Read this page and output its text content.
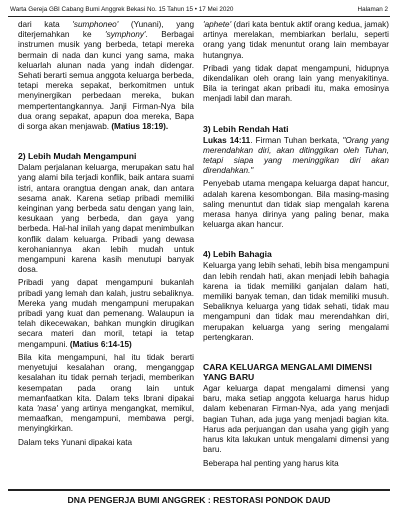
Warta Gereja GBI Cabang Bumi Anggrek Bekasi No. 15 Tahun 15 • 17 Mei 2020	Halaman 2

dari kata 'sumphoneo' (Yunani), yang diterjemahkan ke 'symphony'. Berbagai instrumen musik yang berbeda, tetapi mereka bermain di nada dan kunci yang sama, maka keluarlah alunan nada yang indah didengar. Sehati berarti semua anggota keluarga berbeda, tetapi mereka sepakat, berkomitmen untuk menyinergikan perbedaan mereka, bukan mempertentangkannya. Janji Firman-Nya bila dua orang sepakat, apapun doa mereka, Bapa di sorga akan menjawab. (Matius 18:19).

2) Lebih Mudah Mengampuni

Dalam perjalanan keluarga, merupakan satu hal yang alami bila terjadi konflik, baik antara suami istri, antara orangtua dengan anak, dan antara sesama anak. Karena setiap pribadi memiliki keinginan yang berbeda satu dengan yang lain, kesukaan yang berbeda, dan gaya yang berbeda. Hal-hal inilah yang dapat menimbulkan konflik dalam keluarga. Pribadi yang dewasa kerohaniannya akan lebih mudah untuk mengampuni karena kasih menutupi banyak dosa.

Pribadi yang dapat mengampuni bukanlah pribadi yang lemah dan kalah, justru sebaliknya. Mereka yang mudah mengampuni merupakan pribadi yang kuat dan pemenang. Walaupun ia telah dikecewakan, bahkan mungkin dirugikan secara materi dan moril, tetapi ia tetap mengampuni. (Matius 6:14-15)

Bila kita mengampuni, hal itu tidak berarti menyetujui kesalahan orang, menganggap kesalahan itu tidak pernah terjadi, memberikan kesempatan pada orang lain untuk memanfaatkan kita. Dalam teks Ibrani dipakai kata 'nasa' yang artinya mengangkat, memikul, memaafkan, mengampuni, membawa pergi, menyingkirkan.

Dalam teks Yunani dipakai kata

'aphete' (dari kata bentuk aktif orang kedua, jamak) artinya merelakan, membiarkan berlalu, seperti orang yang tidak menuntut orang lain membayar hutangnya.

Pribadi yang tidak dapat mengampuni, hidupnya dikendalikan oleh orang lain yang menyakitinya. Bila ia teringat akan pribadi itu, maka emosinya menjadi labil dan marah.

3) Lebih Rendah Hati

Lukas 14:11. Firman Tuhan berkata, "Orang yang merendahkan diri, akan ditinggikan oleh Tuhan, tetapi siapa yang meninggikan diri akan direndahkan."

Penyebab utama mengapa keluarga dapat hancur, adalah karena kesombongan. Bila masing-masing saling menuntut dan tidak siap mengalah karena merasa hanya dirinya yang paling benar, maka keluarga akan hancur.

4) Lebih Bahagia

Keluarga yang lebih sehati, lebih bisa mengampuni dan lebih rendah hati, akan menjadi lebih bahagia karena ia tidak memiliki ganjalan dalam hati, memiliki banyak teman, dan tidak memiliki musuh. Sebaliknya keluarga yang tidak sehati, tidak mau mengampuni dan tidak mau merendahkan diri, merupakan keluarga yang sering mengalami pertengkaran.

CARA KELUARGA MENGALAMI DIMENSI YANG BARU

Agar keluarga dapat mengalami dimensi yang baru, maka setiap anggota keluarga harus hidup dalam kebenaran Firman-Nya, ada yang menjadi bagian Tuhan, ada juga yang menjadi bagian kita. Harus ada perjuangan dan usaha yang gigih yang harus kita lakukan untuk mengalami dimensi yang baru.

Beberapa hal penting yang harus kita

DNA PENGERJA BUMI ANGGREK : RESTORASI PONDOK DAUD
